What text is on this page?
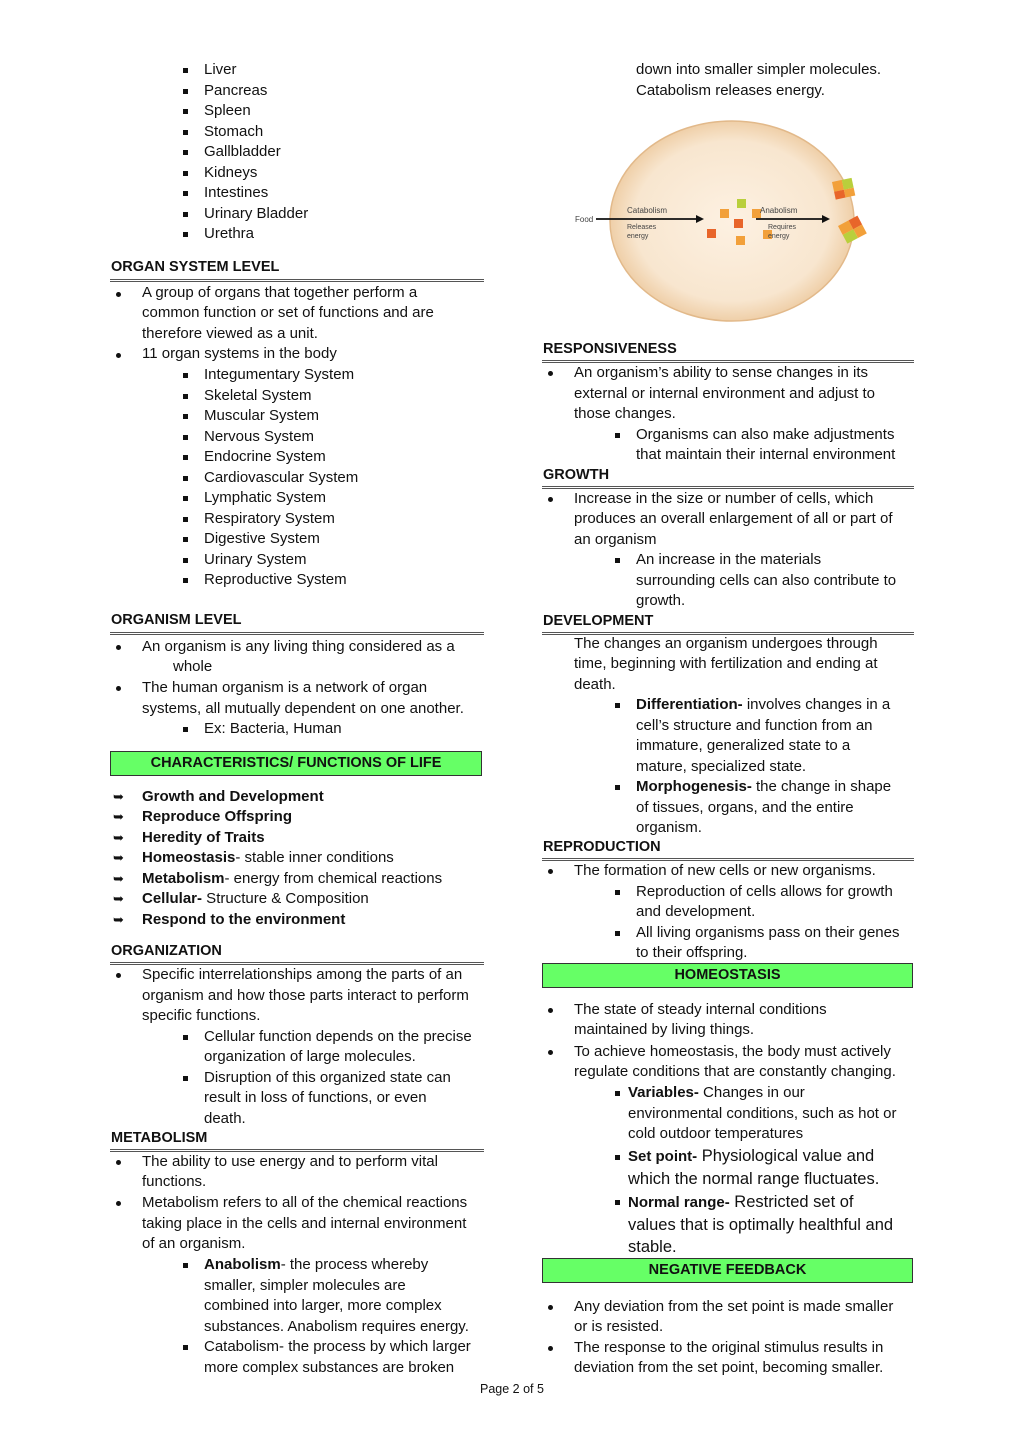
Liver
Pancreas
Spleen
Stomach
Gallbladder
Kidneys
Intestines
Urinary Bladder
Urethra
ORGAN SYSTEM LEVEL
A group of organs that together perform a
common function or set of functions and are
therefore viewed as a unit.
11 organ systems in the body
Integumentary System
Skeletal System
Muscular System
Nervous System
Endocrine System
Cardiovascular System
Lymphatic System
Respiratory System
Digestive System
Urinary System
Reproductive System
ORGANISM LEVEL
An organism is any living thing considered as a
whole
The human organism is a network of organ
systems, all mutually dependent on one another.
Ex: Bacteria, Human
CHARACTERISTICS/ FUNCTIONS OF LIFE
➥ Growth and Development
➥ Reproduce Offspring
➥ Heredity of Traits
➥ Homeostasis- stable inner conditions
➥ Metabolism- energy from chemical reactions
➥ Cellular- Structure & Composition
➥ Respond to the environment
ORGANIZATION
Specific interrelationships among the parts of an
organism and how those parts interact to perform
specific functions.
Cellular function depends on the precise
organization of large molecules.
Disruption of this organized state can
result in loss of functions, or even
death.
METABOLISM
The ability to use energy and to perform vital
functions.
Metabolism refers to all of the chemical reactions
taking place in the cells and internal environment
of an organism.
Anabolism- the process whereby
smaller, simpler molecules are
combined into larger, more complex
substances. Anabolism requires energy.
Catabolism- the process by which larger
more complex substances are broken
down into smaller simpler molecules.
Catabolism releases energy.
Food
Catabolism
Releases
energy
Anabolism
Requires
energy
RESPONSIVENESS
An organism’s ability to sense changes in its
external or internal environment and adjust to
those changes.
Organisms can also make adjustments
that maintain their internal environment
GROWTH
Increase in the size or number of cells, which
produces an overall enlargement of all or part of
an organism
An increase in the materials
surrounding cells can also contribute to
growth.
DEVELOPMENT
The changes an organism undergoes through
time, beginning with fertilization and ending at
death.
Differentiation- involves changes in a
cell’s structure and function from an
immature, generalized state to a
mature, specialized state.
Morphogenesis- the change in shape
of tissues, organs, and the entire
organism.
REPRODUCTION
The formation of new cells or new organisms.
Reproduction of cells allows for growth
and development.
All living organisms pass on their genes
to their offspring.
HOMEOSTASIS
The state of steady internal conditions
maintained by living things.
To achieve homeostasis, the body must actively
regulate conditions that are constantly changing.
Variables- Changes in our
environmental conditions, such as hot or
cold outdoor temperatures
Set point- Physiological value and
which the normal range fluctuates.
Normal range- Restricted set of
values that is optimally healthful and
stable.
NEGATIVE FEEDBACK
Any deviation from the set point is made smaller
or is resisted.
The response to the original stimulus results in
deviation from the set point, becoming smaller.
Page 2 of 5
